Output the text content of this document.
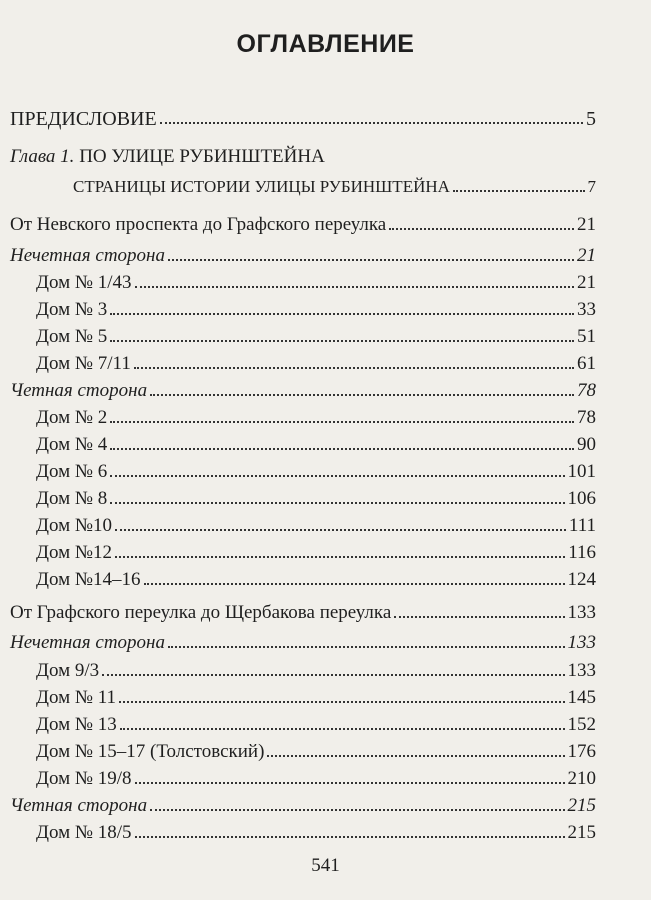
ОГЛАВЛЕНИЕ
ПРЕДИСЛОВИЕ	5
Глава 1. ПО УЛИЦЕ РУБИНШТЕЙНА
СТРАНИЦЫ ИСТОРИИ УЛИЦЫ РУБИНШТЕЙНА	7
От Невского проспекта до Графского переулка	21
Нечетная сторона	21
Дом № 1/43	21
Дом № 3	33
Дом № 5	51
Дом № 7/11	61
Четная сторона	78
Дом № 2	78
Дом № 4	90
Дом № 6	101
Дом № 8	106
Дом №10	111
Дом №12	116
Дом №14–16	124
От Графского переулка до Щербакова переулка	133
Нечетная сторона	133
Дом 9/3	133
Дом № 11	145
Дом № 13	152
Дом № 15–17 (Толстовский)	176
Дом № 19/8	210
Четная сторона	215
Дом № 18/5	215
541
